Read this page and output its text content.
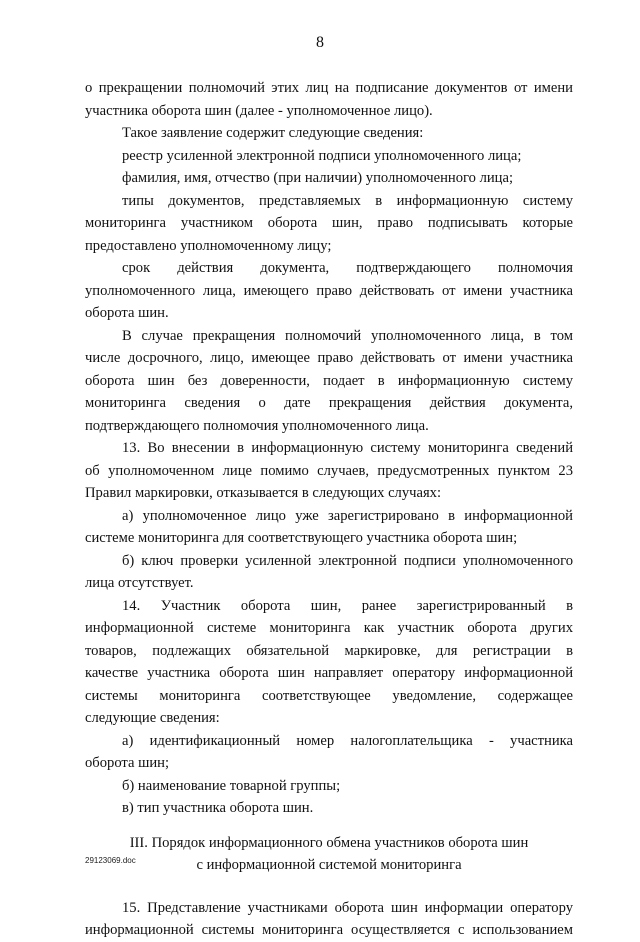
8
о прекращении полномочий этих лиц на подписание документов от имени
участника оборота шин (далее - уполномоченное лицо).
Такое заявление содержит следующие сведения:
реестр усиленной электронной подписи уполномоченного лица;
фамилия, имя, отчество (при наличии) уполномоченного лица;
типы документов, представляемых в информационную систему
мониторинга участником оборота шин, право подписывать которые
предоставлено уполномоченному лицу;
срок действия документа, подтверждающего полномочия
уполномоченного лица, имеющего право действовать от имени участника
оборота шин.
В случае прекращения полномочий уполномоченного лица, в том
числе досрочного, лицо, имеющее право действовать от имени участника
оборота шин без доверенности, подает в информационную систему
мониторинга сведения о дате прекращения действия документа,
подтверждающего полномочия уполномоченного лица.
13. Во внесении в информационную систему мониторинга сведений
об уполномоченном лице помимо случаев, предусмотренных пунктом 23
Правил маркировки, отказывается в следующих случаях:
а) уполномоченное лицо уже зарегистрировано в информационной
системе мониторинга для соответствующего участника оборота шин;
б) ключ проверки усиленной электронной подписи уполномоченного
лица отсутствует.
14. Участник оборота шин, ранее зарегистрированный в
информационной системе мониторинга как участник оборота других
товаров, подлежащих обязательной маркировке, для регистрации в
качестве участника оборота шин направляет оператору информационной
системы мониторинга соответствующее уведомление, содержащее
следующие сведения:
а) идентификационный номер налогоплательщика - участника
оборота шин;
б) наименование товарной группы;
в) тип участника оборота шин.
III. Порядок информационного обмена участников оборота шин
с информационной системой мониторинга
15. Представление участниками оборота шин информации оператору
информационной системы мониторинга осуществляется с использованием
29123069.doc
